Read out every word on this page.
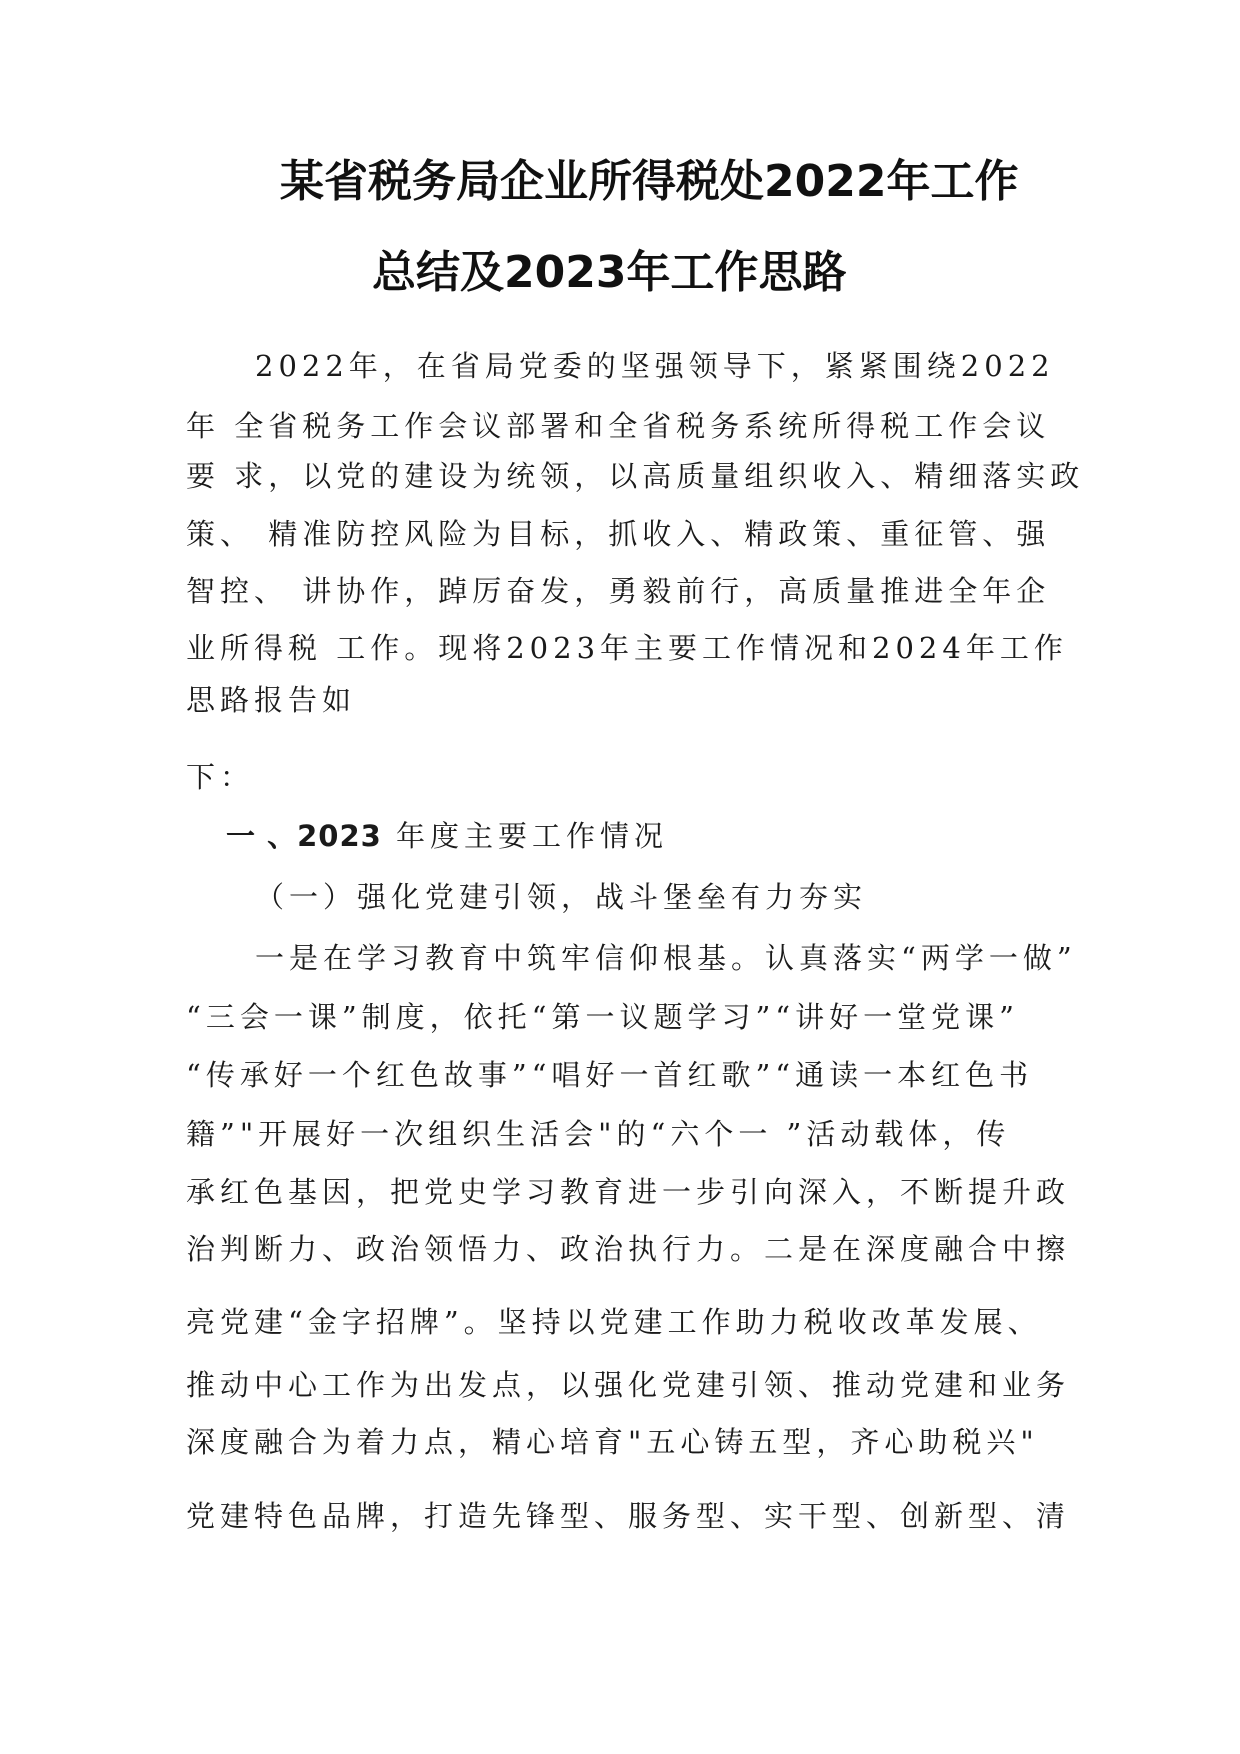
某省税务局企业所得税处2022年工作
总结及2023年工作思路
2022年，在省局党委的坚强领导下，紧紧围绕2022
年 全省税务工作会议部署和全省税务系统所得税工作会议
要 求，以党的建设为统领，以高质量组织收入、精细落实政
策、 精准防控风险为目标，抓收入、精政策、重征管、强
智控、 讲协作，踔厉奋发，勇毅前行，高质量推进全年企
业所得税 工作。现将2023年主要工作情况和2024年工作
思路报告如
下：
一 、2023 年度主要工作情况
（一）强化党建引领，战斗堡垒有力夯实
一是在学习教育中筑牢信仰根基。认真落实“两学一做”
“三会一课”制度，依托“第一议题学习”“讲好一堂党课”
“传承好一个红色故事”“唱好一首红歌”“通读一本红色书
籍”"开展好一次组织生活会"的“六个一 ”活动载体，传
承红色基因，把党史学习教育进一步引向深入，不断提升政
治判断力、政治领悟力、政治执行力。二是在深度融合中擦
亮党建“金字招牌”。坚持以党建工作助力税收改革发展、
推动中心工作为出发点，以强化党建引领、推动党建和业务
深度融合为着力点，精心培育"五心铸五型，齐心助税兴"
党建特色品牌，打造先锋型、服务型、实干型、创新型、清
